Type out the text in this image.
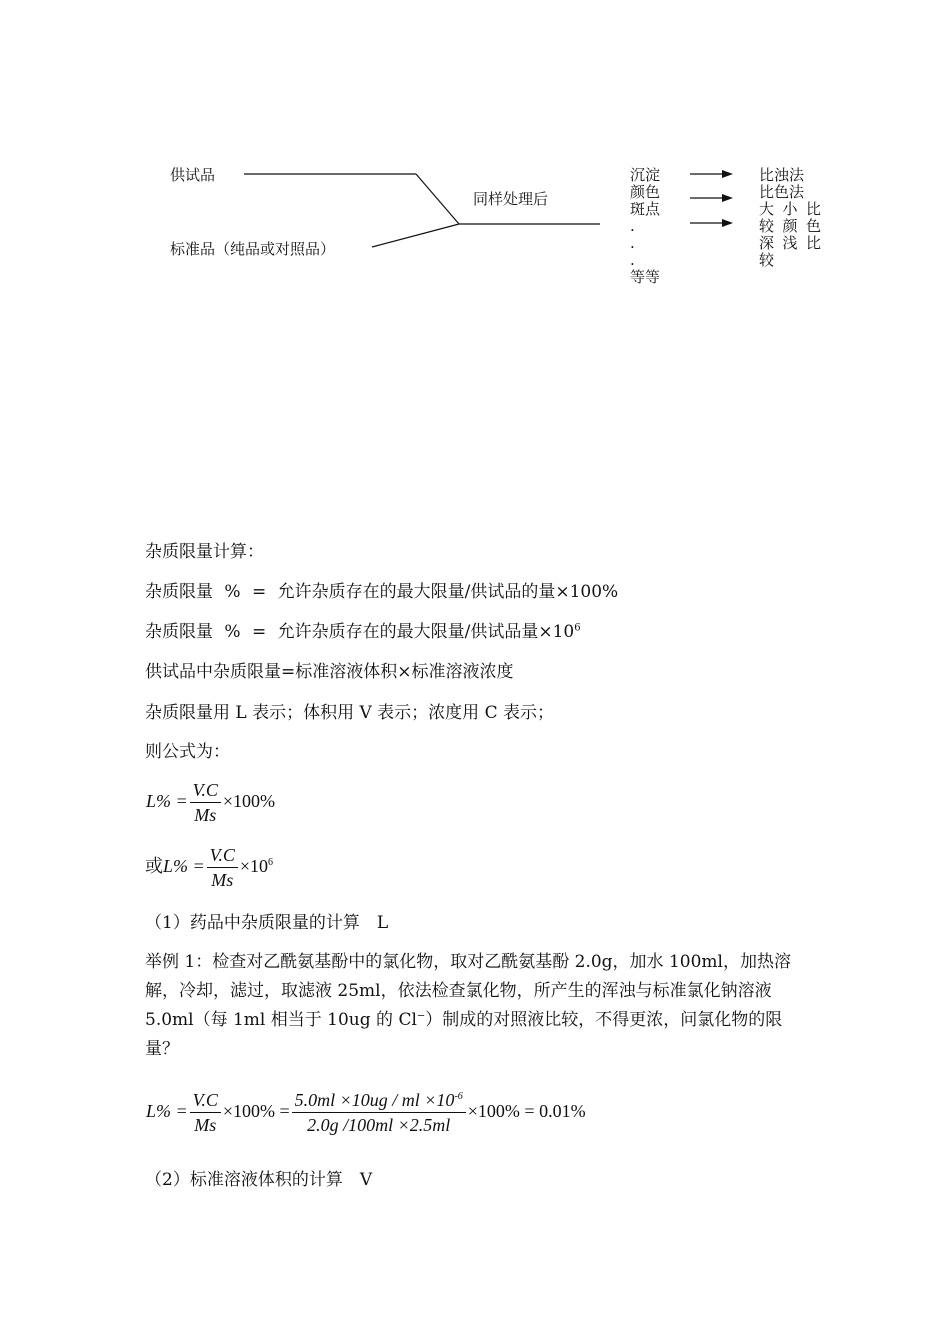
供试品
标准品（纯品或对照品）
同样处理后
沉淀
颜色
斑点
.
.
.
等等
比浊法
比色法
大 小 比
较 颜 色
深 浅 比
较
杂质限量计算：
杂质限量 % = 允许杂质存在的最大限量/供试品的量×100%
杂质限量 % = 允许杂质存在的最大限量/供试品量$\times 10^6$
供试品中杂质限量=标准溶液体积×标准溶液浓度
杂质限量用 L 表示；体积用 V 表示；浓度用 C 表示；
则公式为：
$L\% = \frac{V.C}{Ms} \times 100\%$
或$L\% = \frac{V.C}{Ms} \times 10^6$
（1）药品中杂质限量的计算　L
举例 1：检查对乙酰氨基酚中的氯化物，取对乙酰氨基酚 2.0g，加水 100ml，加热溶解，冷却，滤过，取滤液 25ml，依法检查氯化物，所产生的浑浊与标准氯化钠溶液 5.0ml（每 1ml 相当于 10ug 的 Cl−）制成的对照液比较，不得更浓，问氯化物的限量？
$L\% = \frac{V.C}{Ms} \times 100\% = \frac{5.0ml \times 10ug / ml \times 10^{-6}}{2.0g /100ml \times 2.5ml} \times 100\% = 0.01\%$
（2）标准溶液体积的计算　V
